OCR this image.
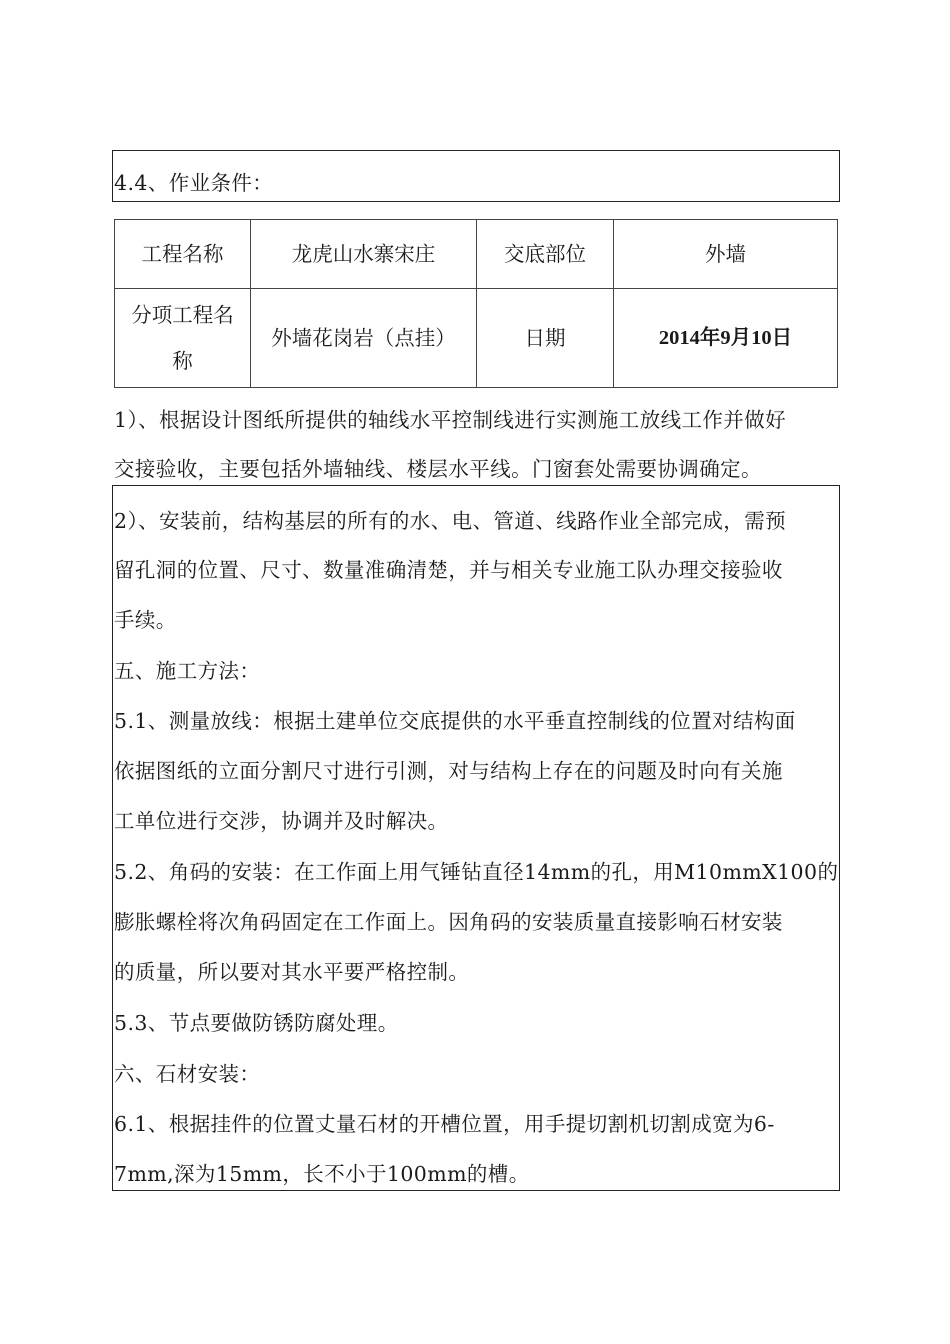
4.4、作业条件：
工程名称	龙虎山水寨宋庄	交底部位	外墙
分项工程名称	外墙花岗岩（点挂）	日期	2014年9月10日
1）、根据设计图纸所提供的轴线水平控制线进行实测施工放线工作并做好
交接验收，主要包括外墙轴线、楼层水平线。门窗套处需要协调确定。
2）、安装前，结构基层的所有的水、电、管道、线路作业全部完成，需预
留孔洞的位置、尺寸、数量准确清楚，并与相关专业施工队办理交接验收
手续。
五、施工方法：
5.1、测量放线：根据土建单位交底提供的水平垂直控制线的位置对结构面
依据图纸的立面分割尺寸进行引测，对与结构上存在的问题及时向有关施
工单位进行交涉，协调并及时解决。
5.2、角码的安装：在工作面上用气锤钻直径14mm的孔，用M10mmX100的
膨胀螺栓将次角码固定在工作面上。因角码的安装质量直接影响石材安装
的质量，所以要对其水平要严格控制。
5.3、节点要做防锈防腐处理。
六、石材安装：
6.1、根据挂件的位置丈量石材的开槽位置，用手提切割机切割成宽为6-
7mm,深为15mm，长不小于100mm的槽。
